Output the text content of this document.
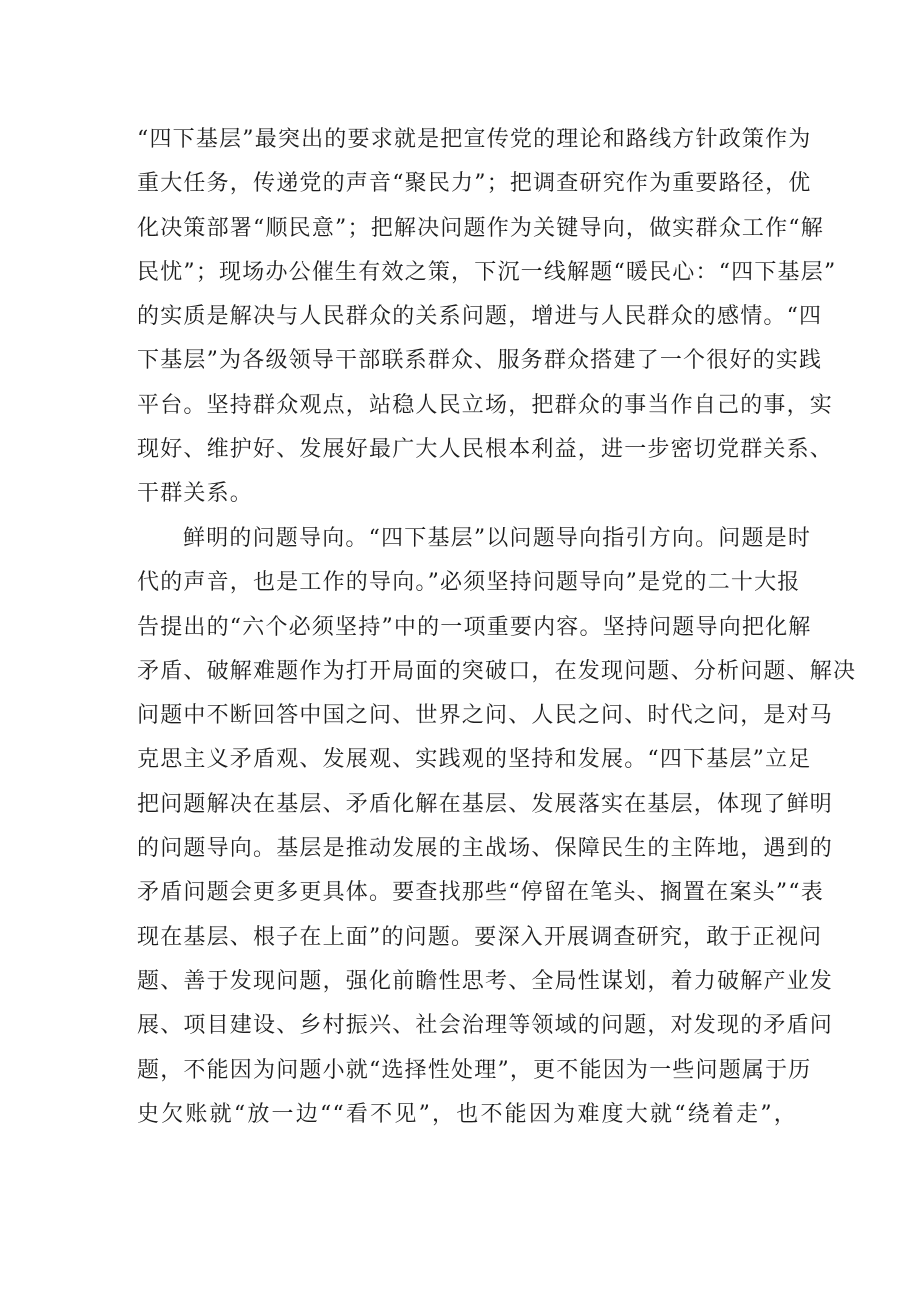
“四下基层”最突出的要求就是把宣传党的理论和路线方针政策作为
重大任务，传递党的声音“聚民力”；把调查研究作为重要路径，优
化决策部署“顺民意”；把解决问题作为关键导向，做实群众工作“解
民忧”；现场办公催生有效之策，下沉一线解题“暖民心：“四下基层”
的实质是解决与人民群众的关系问题，增进与人民群众的感情。“四
下基层”为各级领导干部联系群众、服务群众搭建了一个很好的实践
平台。坚持群众观点，站稳人民立场，把群众的事当作自己的事，实
现好、维护好、发展好最广大人民根本利益，进一步密切党群关系、
干群关系。
鲜明的问题导向。“四下基层”以问题导向指引方向。问题是时
代的声音，也是工作的导向。”必须坚持问题导向”是党的二十大报
告提出的“六个必须坚持”中的一项重要内容。坚持问题导向把化解
矛盾、破解难题作为打开局面的突破口，在发现问题、分析问题、解决
问题中不断回答中国之问、世界之问、人民之问、时代之问，是对马
克思主义矛盾观、发展观、实践观的坚持和发展。“四下基层”立足
把问题解决在基层、矛盾化解在基层、发展落实在基层，体现了鲜明
的问题导向。基层是推动发展的主战场、保障民生的主阵地，遇到的
矛盾问题会更多更具体。要查找那些“停留在笔头、搁置在案头”“表
现在基层、根子在上面”的问题。要深入开展调查研究，敢于正视问
题、善于发现问题，强化前瞻性思考、全局性谋划，着力破解产业发
展、项目建设、乡村振兴、社会治理等领域的问题，对发现的矛盾问
题，不能因为问题小就“选择性处理”，更不能因为一些问题属于历
史欠账就“放一边““看不见”，也不能因为难度大就“绕着走”，
